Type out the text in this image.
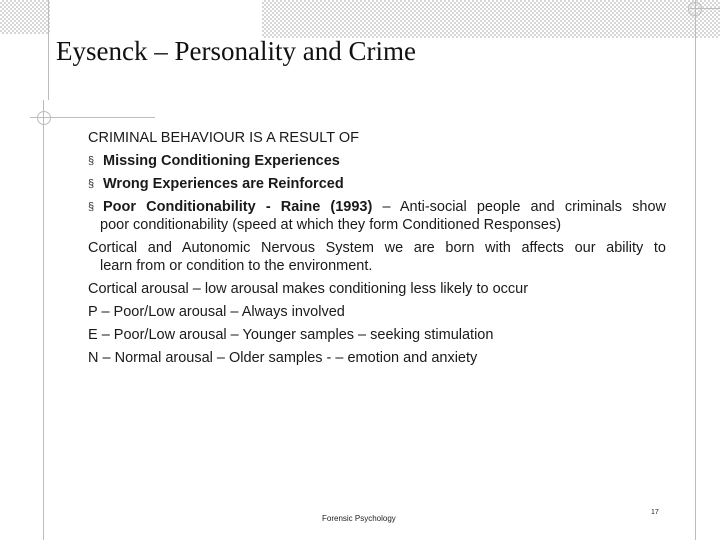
Eysenck – Personality and Crime

CRIMINAL BEHAVIOUR IS A RESULT OF

§ Missing Conditioning Experiences

§ Wrong Experiences are Reinforced

§ Poor Conditionability - Raine (1993) – Anti-social people and criminals show

poor conditionability (speed at which they form Conditioned Responses)

Cortical and Autonomic Nervous System we are born with affects our ability to

learn from or condition to the environment.

Cortical arousal – low arousal makes conditioning less likely to occur

P – Poor/Low arousal – Always involved

E – Poor/Low arousal – Younger samples – seeking stimulation

N – Normal arousal – Older samples - – emotion and anxiety

Forensic Psychology
17
